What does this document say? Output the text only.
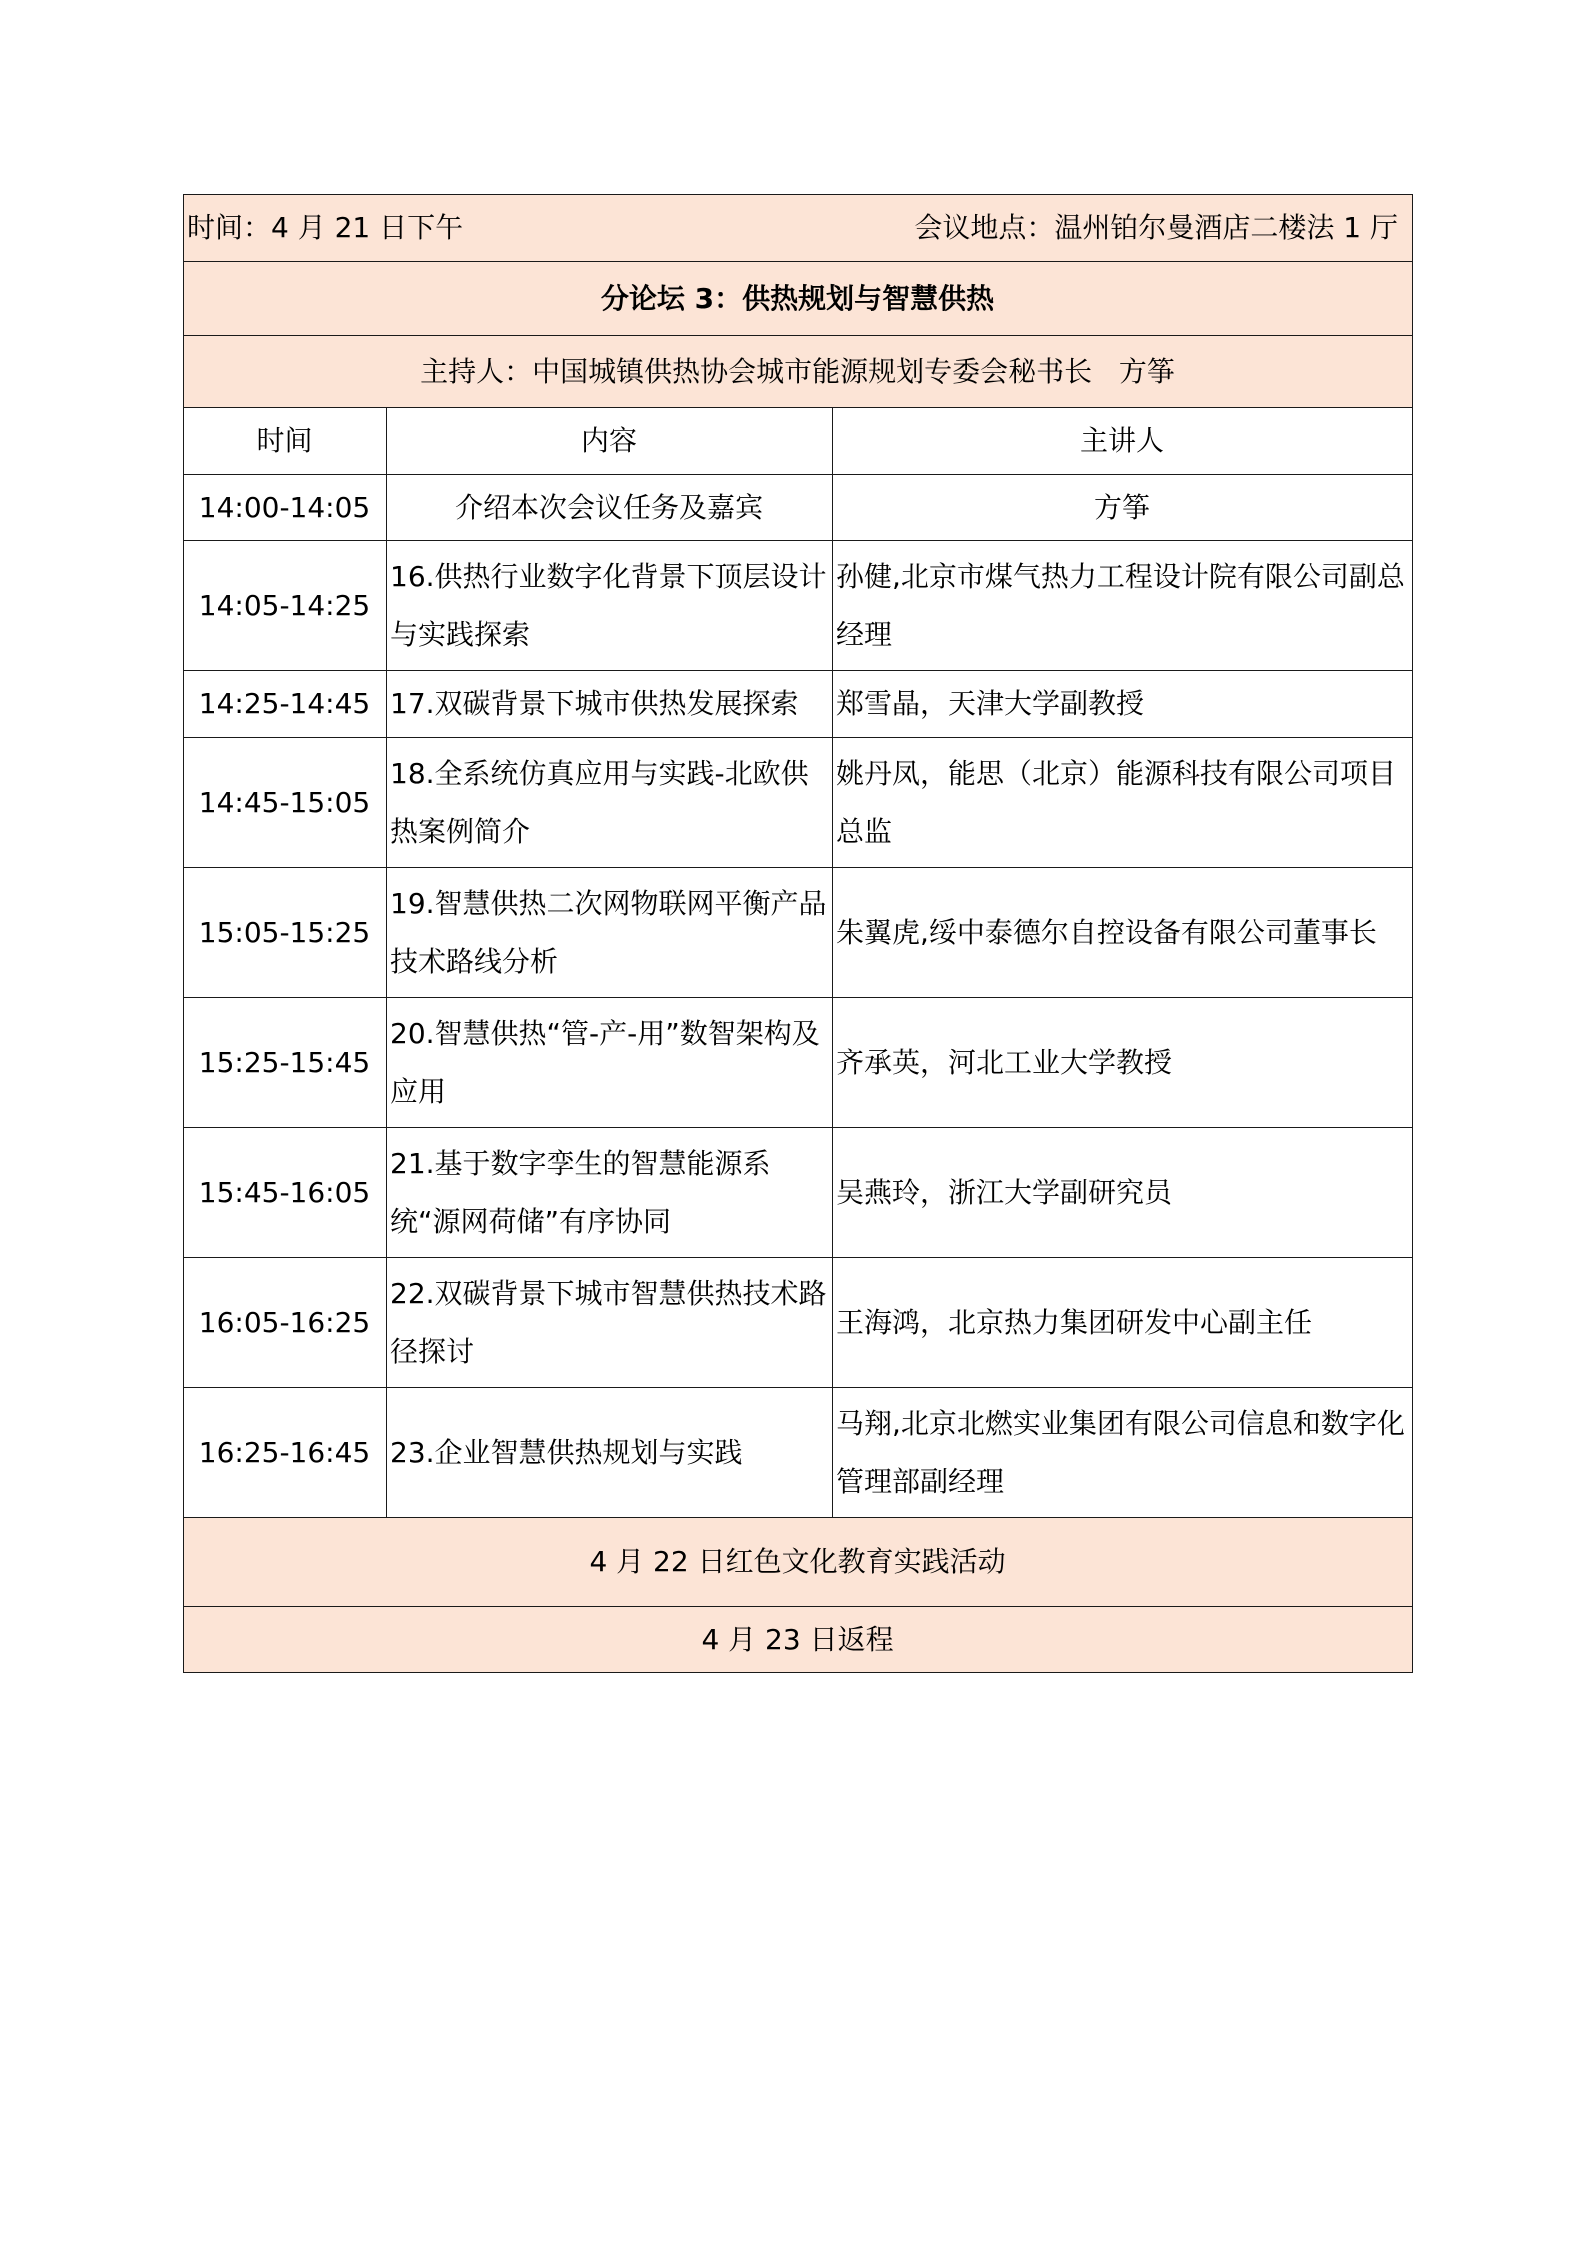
时间：4 月 21 日下午 会议地点：温州铂尔曼酒店二楼法 1 厅		

分论坛 3：供热规划与智慧供热		
主持人：中国城镇供热协会城市能源规划专委会秘书长   方筝		
时间	内容	主讲人
14:00-14:05	介绍本次会议任务及嘉宾	方筝
14:05-14:25	16.供热行业数字化背景下顶层设计与实践探索	孙健,北京市煤气热力工程设计院有限公司副总经理
14:25-14:45	17.双碳背景下城市供热发展探索	郑雪晶，天津大学副教授
14:45-15:05	18.全系统仿真应用与实践-北欧供热案例简介	姚丹凤，能思（北京）能源科技有限公司项目总监
15:05-15:25	19.智慧供热二次网物联网平衡产品技术路线分析	朱翼虎,绥中泰德尔自控设备有限公司董事长
15:25-15:45	20.智慧供热“管-产-用”数智架构及应用	齐承英，河北工业大学教授
15:45-16:05	21.基于数字孪生的智慧能源系统“源网荷储”有序协同	吴燕玲，浙江大学副研究员
16:05-16:25	22.双碳背景下城市智慧供热技术路径探讨	王海鸿，北京热力集团研发中心副主任
16:25-16:45	23.企业智慧供热规划与实践	马翔,北京北燃实业集团有限公司信息和数字化管理部副经理
4 月 22 日红色文化教育实践活动		
4 月 23 日返程		
